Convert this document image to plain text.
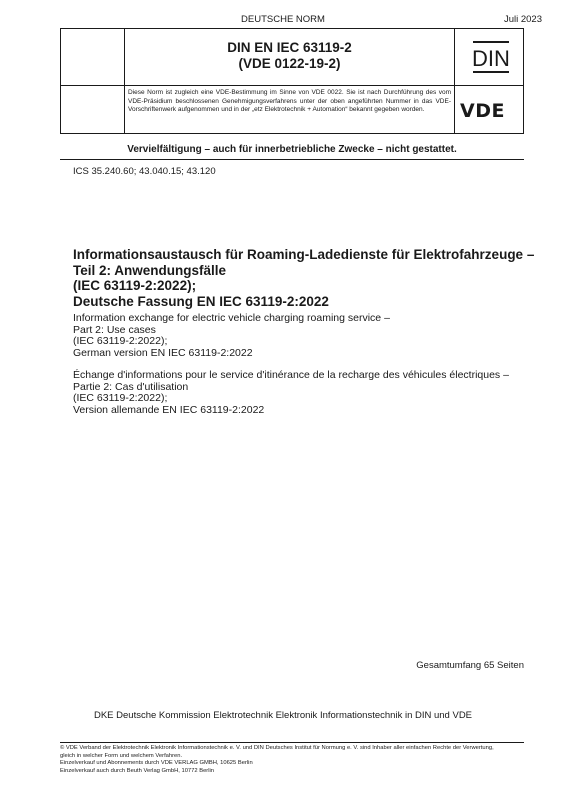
DEUTSCHE NORM	Juli 2023
DIN EN IEC 63119-2
(VDE 0122-19-2)	DIN
Diese Norm ist zugleich eine VDE-Bestimmung im Sinne von VDE 0022. Sie ist nach Durchführung des vom VDE-Präsidium beschlossenen Genehmigungsverfahrens unter der oben angeführten Nummer in das VDE-Vorschriftenwerk aufgenommen und in der „etz Elektrotechnik + Automation“ bekannt gegeben worden.	VDE
Vervielfältigung – auch für innerbetriebliche Zwecke – nicht gestattet.
ICS 35.240.60; 43.040.15; 43.120
Informationsaustausch für Roaming-Ladedienste für Elektrofahrzeuge –
Teil 2: Anwendungsfälle
(IEC 63119-2:2022);
Deutsche Fassung EN IEC 63119-2:2022
Information exchange for electric vehicle charging roaming service –
Part 2: Use cases
(IEC 63119-2:2022);
German version EN IEC 63119-2:2022
Échange d'informations pour le service d'itinérance de la recharge des véhicules électriques –
Partie 2: Cas d'utilisation
(IEC 63119-2:2022);
Version allemande EN IEC 63119-2:2022
Gesamtumfang 65 Seiten
DKE Deutsche Kommission Elektrotechnik Elektronik Informationstechnik in DIN und VDE
© VDE Verband der Elektrotechnik Elektronik Informationstechnik e. V. und DIN Deutsches Institut für Normung e. V. sind Inhaber aller einfachen Rechte der Verwertung,
gleich in welcher Form und welchem Verfahren.
Einzelverkauf und Abonnements durch VDE VERLAG GMBH, 10625 Berlin
Einzelverkauf auch durch Beuth Verlag GmbH, 10772 Berlin
